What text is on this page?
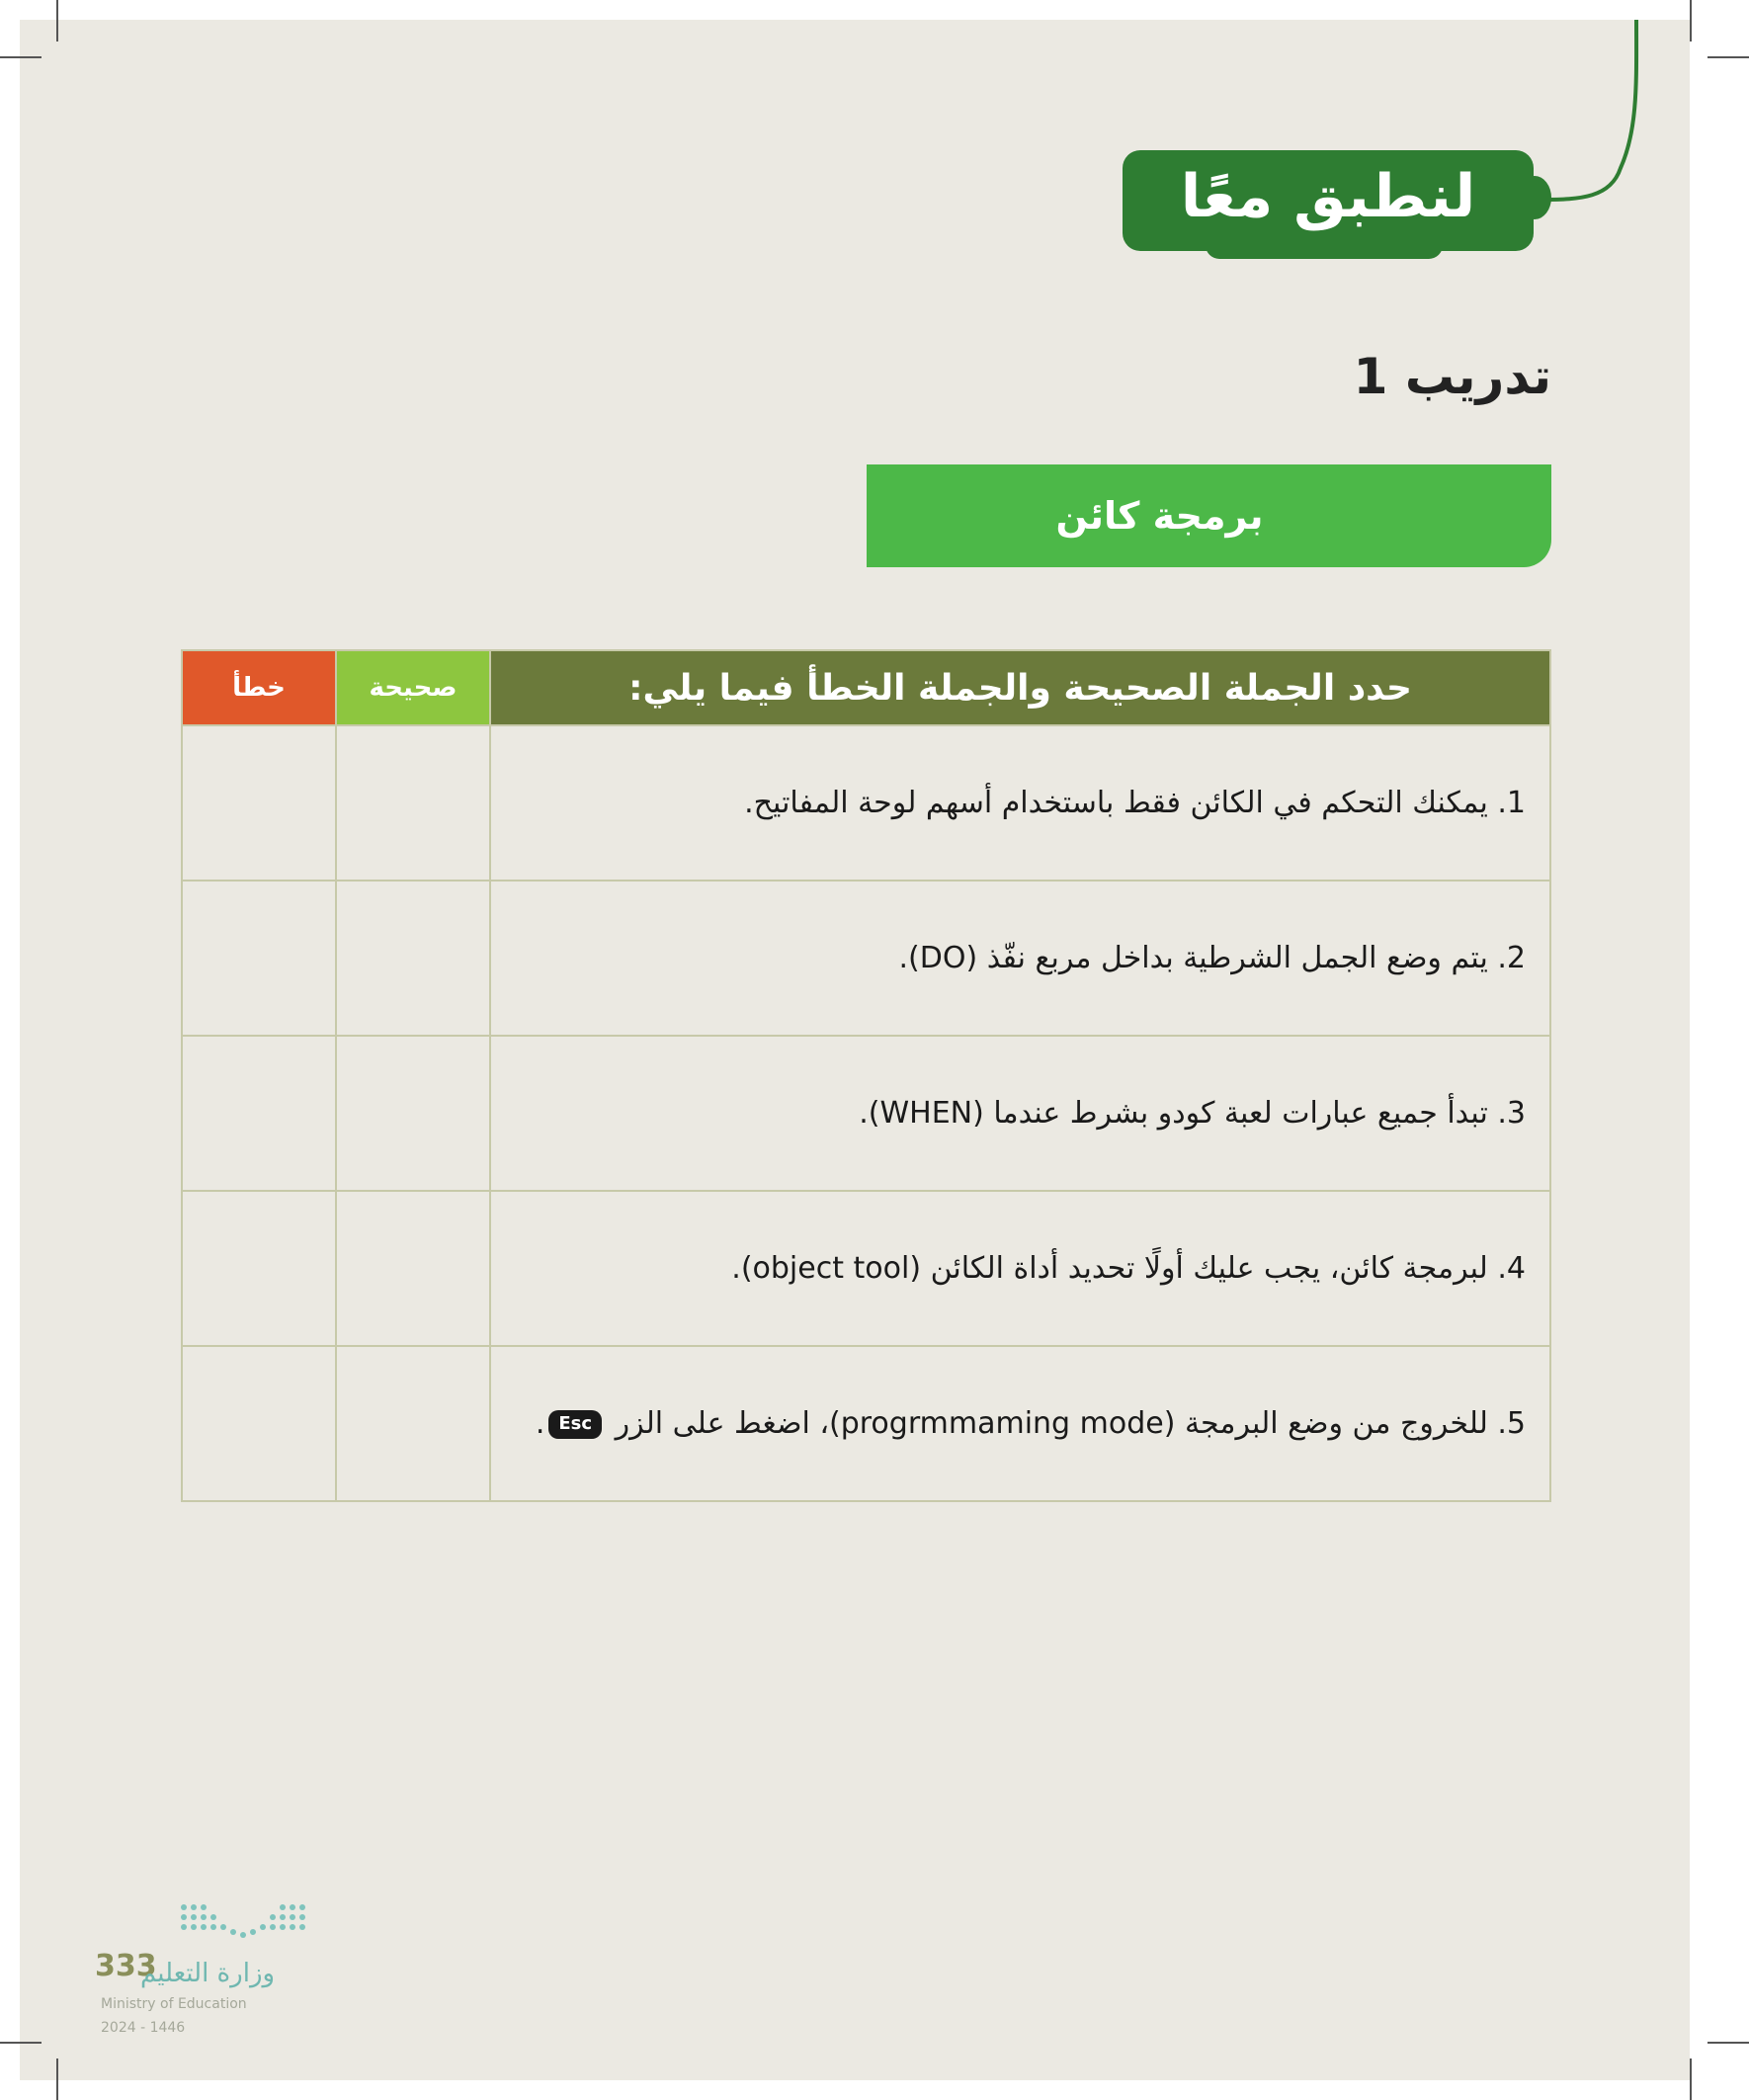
لنطبق معًا
تدريب 1
برمجة كائن
خطأ	صحيحة	حدد الجملة الصحيحة والجملة الخطأ فيما يلي:
		1. يمكنك التحكم في الكائن فقط باستخدام أسهم لوحة المفاتيح.
		2. يتم وضع الجمل الشرطية بداخل مربع نفّذ (DO).
		3. تبدأ جميع عبارات لعبة كودو بشرط عندما (WHEN).
		4. لبرمجة كائن، يجب عليك أولًا تحديد أداة الكائن (object tool).
		5. للخروج من وضع البرمجة (progrmmaming mode)، اضغط على الزر Esc.
333
وزارة التعليم
Ministry of Education
2024 - 1446
